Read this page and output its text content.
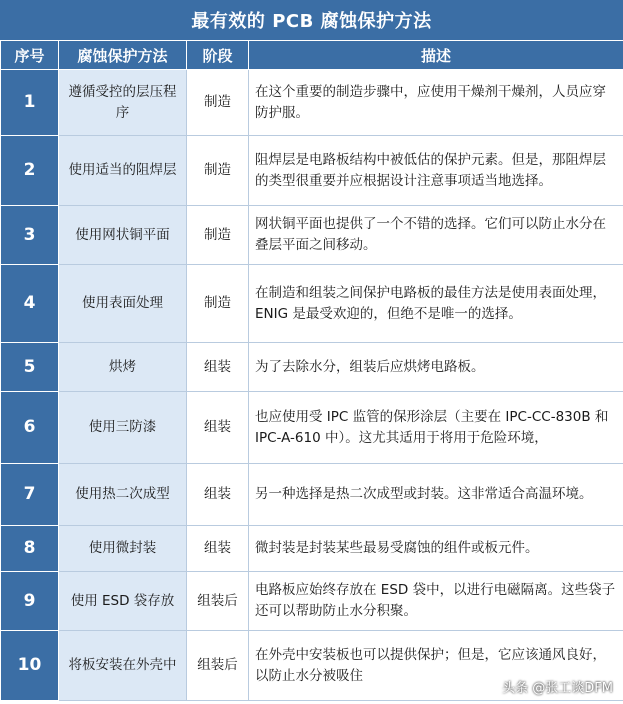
最有效的 PCB 腐蚀保护方法
序号	腐蚀保护方法	阶段	描述
1	遵循受控的层压程序	制造	在这个重要的制造步骤中，应使用干燥剂干燥剂，人员应穿防护服。
2	使用适当的阻焊层	制造	阻焊层是电路板结构中被低估的保护元素。但是，那阻焊层的类型很重要并应根据设计注意事项适当地选择。
3	使用网状铜平面	制造	网状铜平面也提供了一个不错的选择。它们可以防止水分在叠层平面之间移动。
4	使用表面处理	制造	在制造和组装之间保护电路板的最佳方法是使用表面处理，ENIG 是最受欢迎的，但绝不是唯一的选择。
5	烘烤	组装	为了去除水分，组装后应烘烤电路板。
6	使用三防漆	组装	也应使用受 IPC 监管的保形涂层（主要在 IPC-CC-830B 和 IPC-A-610 中）。这尤其适用于将用于危险环境，
7	使用热二次成型	组装	另一种选择是热二次成型或封装。这非常适合高温环境。
8	使用微封装	组装	微封装是封装某些最易受腐蚀的组件或板元件。
9	使用 ESD 袋存放	组装后	电路板应始终存放在 ESD 袋中，以进行电磁隔离。这些袋子还可以帮助防止水分积聚。
10	将板安装在外壳中	组装后	在外壳中安装板也可以提供保护；但是，它应该通风良好，以防止水分被吸住
头条 @张工谈DFM
